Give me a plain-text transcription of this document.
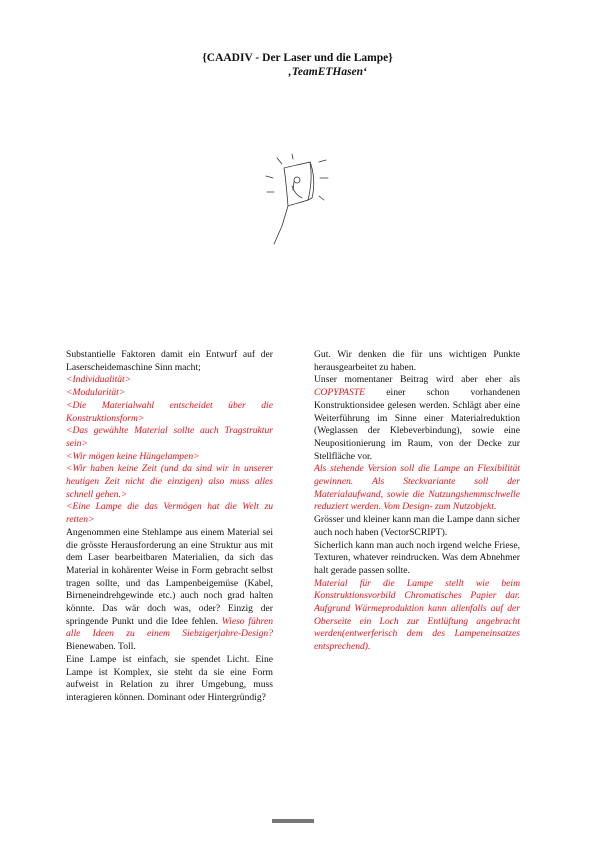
{CAADIV - Der Laser und die Lampe}
‚TeamETHasen‘

Substantielle Faktoren damit ein Entwurf auf der Laserscheidemaschine Sinn macht;

<Individualität>

<Modularität>

<Die Materialwahl entscheidet über die Konstruktionsform>

<Das gewählte Material sollte auch Tragstruktur sein>

<Wir mögen keine Hängelampen>

<Wir haben keine Zeit (und da sind wir in unserer heutigen Zeit nicht die einzigen) also muss alles schnell gehen.>

<Eine Lampe die das Vermögen hat die Welt zu retten>

Angenommen eine Stehlampe aus einem Material sei die grösste Herausforderung an eine Struktur aus mit dem Laser bearbeitbaren Materialien, da sich das Material in kohärenter Weise in Form gebracht selbst tragen sollte, und das Lampenbeigemüse (Kabel, Birneneindrehgewinde etc.) auch noch grad halten könnte. Das wär doch was, oder? Einzig der springende Punkt und die Idee fehlen. Wieso führen alle Ideen zu einem Siebzigerjahre-Design? Bienewaben. Toll.

Eine Lampe ist einfach, sie spendet Licht. Eine Lampe ist Komplex, sie steht da sie eine Form aufweist in Relation zu ihrer Umgebung, muss interagieren können. Dominant oder Hintergründig?

Gut. Wir denken die für uns wichtigen Punkte herausgearbeitet zu haben.

Unser momentaner Beitrag wird aber eher als COPYPASTE einer schon vorhandenen Konstruktionsidee gelesen werden. Schlägt aber eine Weiterführung im Sinne einer Materialreduktion (Weglassen der Klebeverbindung), sowie eine Neupositionierung im Raum, von der Decke zur Stellfläche vor.

Als stehende Version soll die Lampe an Flexibilität gewinnen. Als Steckvariante soll der Materialaufwand, sowie die Nutzungshemmschwelle reduziert werden. Vom Design- zum Nutzobjekt.

Grösser und kleiner kann man die Lampe dann sicher auch noch haben (VectorSCRIPT).

Sicherlich kann man auch noch irgend welche Friese, Texturen, whatever reindrucken. Was dem Abnehmer halt gerade passen sollte.

Material für die Lampe stellt wie beim Konstruktionsvorbild Chromatisches Papier dar. Aufgrund Wärmeproduktion kann allenfalls auf der Oberseite ein Loch zur Entlüftung angebracht werden(entwerferisch dem des Lampeneinsatzes entsprechend).
